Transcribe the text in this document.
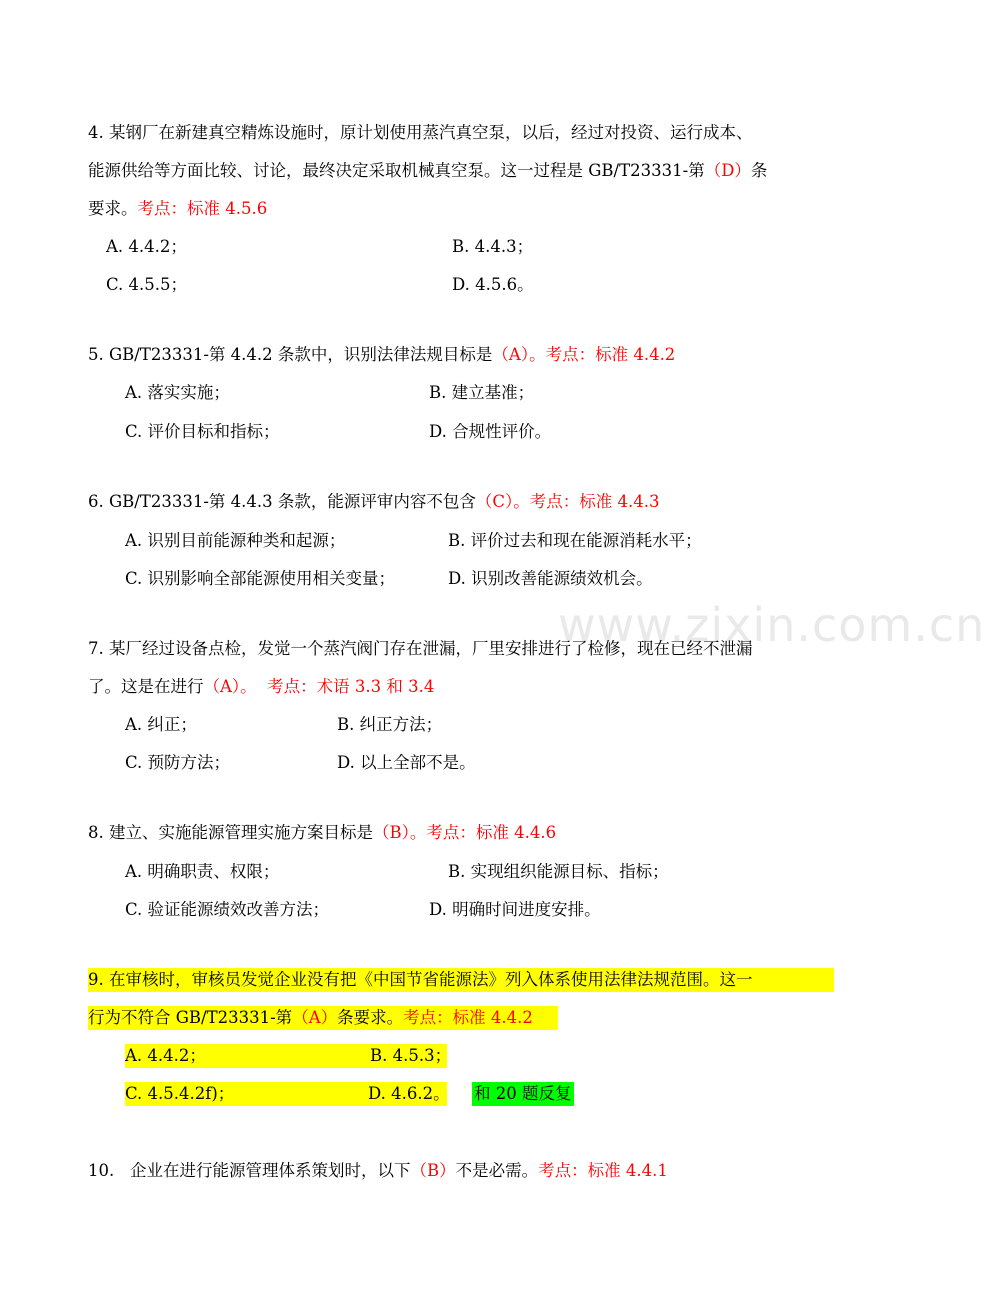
www.zixin.com.cn
4. 某钢厂在新建真空精炼设施时，原计划使用蒸汽真空泵，以后，经过对投资、运行成本、
能源供给等方面比较、讨论，最终决定采取机械真空泵。这一过程是 GB/T23331-第（D）条
要求。考点：标准 4.5.6
A. 4.4.2；	B. 4.4.3；
C. 4.5.5；	D. 4.5.6。
5. GB/T23331-第 4.4.2 条款中，识别法律法规目标是（A）。考点：标准 4.4.2
A. 落实实施；	B. 建立基准；
C. 评价目标和指标；	D. 合规性评价。
6. GB/T23331-第 4.4.3 条款，能源评审内容不包含（C）。考点：标准 4.4.3
A. 识别目前能源种类和起源；	B. 评价过去和现在能源消耗水平；
C. 识别影响全部能源使用相关变量；	D. 识别改善能源绩效机会。
7. 某厂经过设备点检，发觉一个蒸汽阀门存在泄漏，厂里安排进行了检修，现在已经不泄漏
了。这是在进行（A）。  考点：术语 3.3 和 3.4
A. 纠正；	B. 纠正方法；
C. 预防方法；	D. 以上全部不是。
8. 建立、实施能源管理实施方案目标是（B）。考点：标准 4.4.6
A. 明确职责、权限；	B. 实现组织能源目标、指标；
C. 验证能源绩效改善方法；	D. 明确时间进度安排。
9. 在审核时，审核员发觉企业没有把《中国节省能源法》列入体系使用法律法规范围。这一
行为不符合 GB/T23331-第（A）条要求。考点：标准 4.4.2
A. 4.4.2；	B. 4.5.3；
C. 4.5.4.2f)；	D. 4.6.2。 和 20 题反复
10.   企业在进行能源管理体系策划时，以下（B）不是必需。考点：标准 4.4.1
